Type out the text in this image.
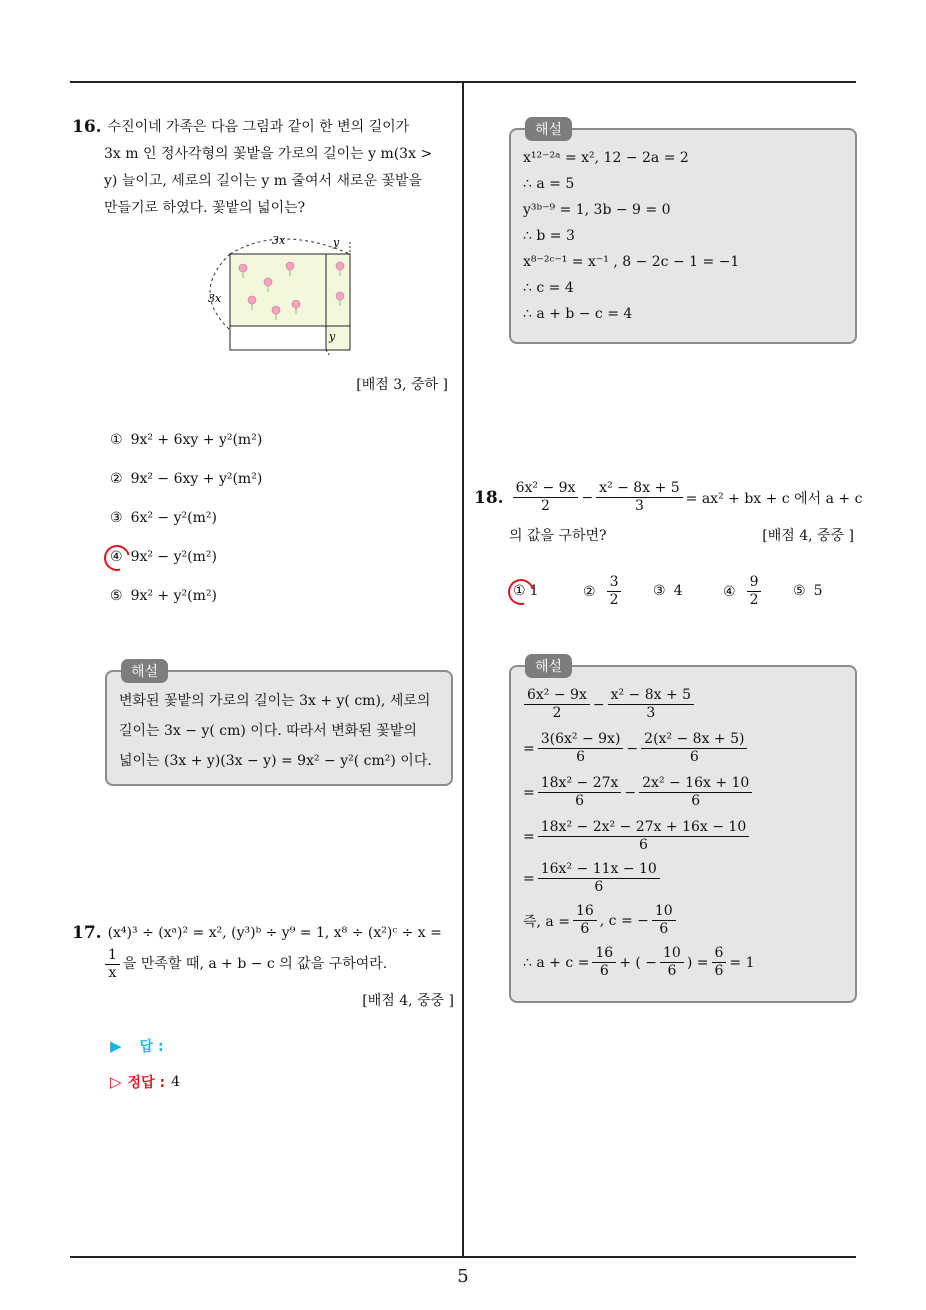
16. 수진이네 가족은 다음 그림과 같이 한 변의 길이가
3x m 인 정사각형의 꽃밭을 가로의 길이는 y m(3x >
y) 늘이고, 세로의 길이는 y m 줄여서 새로운 꽃밭을
만들기로 하였다. 꽃밭의 넓이는?
3x	y
3x
y
[배점 3, 중하 ]
① 9x² + 6xy + y²(m²)
② 9x² − 6xy + y²(m²)
③ 6x² − y²(m²)
④ 9x² − y²(m²)
⑤ 9x² + y²(m²)
해설
변화된 꽃밭의 가로의 길이는 3x + y( cm), 세로의
길이는 3x − y( cm) 이다. 따라서 변화된 꽃밭의
넓이는 (3x + y)(3x − y) = 9x² − y²( cm²) 이다.
17. (x⁴)³ ÷ (xᵃ)² = x², (y³)ᵇ ÷ y⁹ = 1, x⁸ ÷ (x²)ᶜ ÷ x =
$\frac{1}{x}$ 을 만족할 때, a + b − c 의 값을 구하여라.
[배점 4, 중중 ]
▶ 답 :
▷ 정답 : 4
해설
x¹²⁻²ᵃ = x², 12 − 2a = 2
∴ a = 5
y³ᵇ⁻⁹ = 1, 3b − 9 = 0
∴ b = 3
x⁸⁻²ᶜ⁻¹ = x⁻¹ , 8 − 2c − 1 = −1
∴ c = 4
∴ a + b − c = 4
18. $\frac{\text{6x² − 9x}}{2} - \frac{\text{x² − 8x + 5}}{3} = ax^2$ + bx + c 에서 a + c
의 값을 구하면?	[배점 4, 중중 ]
① 1	② $\frac{3}{2}$ ③ 4	④ $\frac{9}{2}$ ⑤ 5
해설
$\frac{\text{6x² − 9x}}{2} - \frac{\text{x² − 8x + 5}}{3}$
= $\frac{\text{3(6x² − 9x)}}{6} - \frac{\text{2(x² − 8x + 5)}}{6}$
= $\frac{\text{18x² − 27x}}{6} - \frac{\text{2x² − 16x + 10}}{6}$
= $\frac{\text{18x² − 2x² − 27x + 16x − 10}}{6}$
= $\frac{\text{16x² − 11x − 10}}{6}$
즉, $a = \frac{16}{6}$ , c = − $\frac{10}{6}$
∴ $a + c = \frac{16}{6}$ + ( − $\frac{10}{6}$ ) = $\frac{6}{6} = 1$
5
